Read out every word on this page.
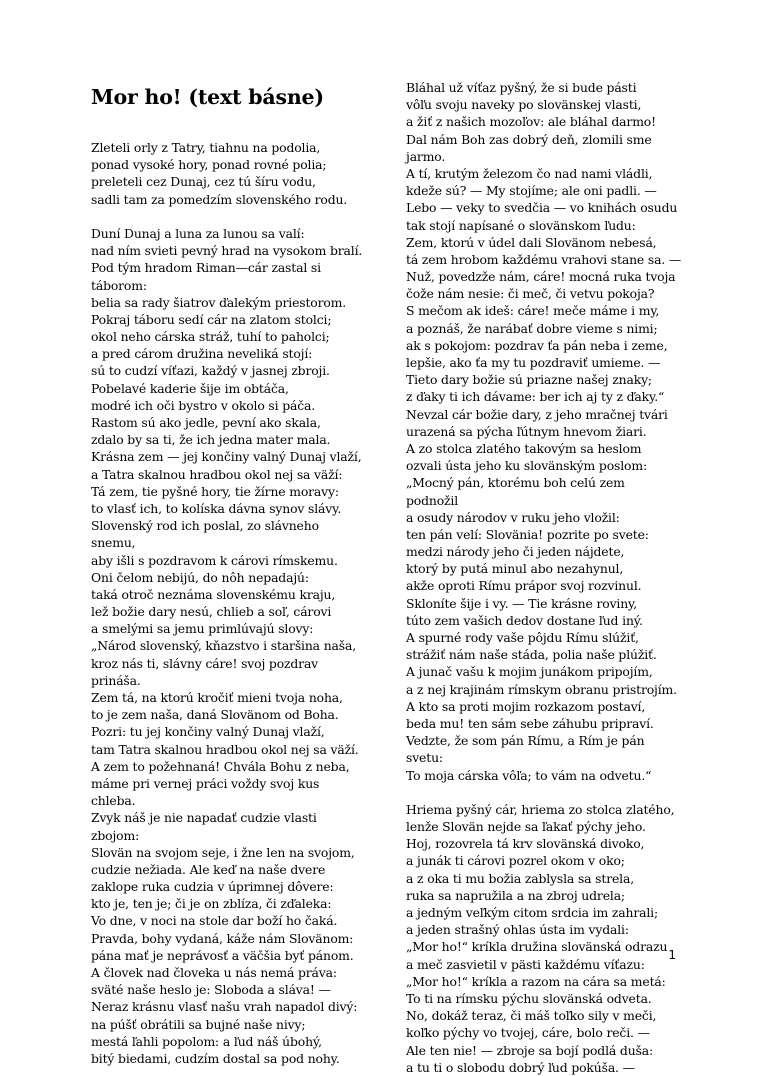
Mor ho! (text básne)
Zleteli orly z Tatry, tiahnu na podolia,
ponad vysoké hory, ponad rovné polia;
preleteli cez Dunaj, cez tú šíru vodu,
sadli tam za pomedzím slovenského rodu.
Duní Dunaj a luna za lunou sa valí:
nad ním svieti pevný hrad na vysokom bralí.
Pod tým hradom Riman—cár zastal si
táborom:
belia sa rady šiatrov ďalekým priestorom.
Pokraj táboru sedí cár na zlatom stolci;
okol neho cárska stráž, tuhí to paholci;
a pred cárom družina neveliká stojí:
sú to cudzí víťazi, každý v jasnej zbroji.
Pobelavé kaderie šije im obtáča,
modré ich oči bystro v okolo si páča.
Rastom sú ako jedle, pevní ako skala,
zdalo by sa ti, že ich jedna mater mala.
Krásna zem — jej končiny valný Dunaj vlaží,
a Tatra skalnou hradbou okol nej sa väží:
Tá zem, tie pyšné hory, tie žírne moravy:
to vlasť ich, to kolíska dávna synov slávy.
Slovenský rod ich poslal, zo slávneho
snemu,
aby išli s pozdravom k cárovi rímskemu.
Oni čelom nebijú, do nôh nepadajú:
taká otroč neznáma slovenskému kraju,
lež božie dary nesú, chlieb a soľ, cárovi
a smelými sa jemu primlúvajú slovy:
„Národ slovenský, kňazstvo i staršina naša,
kroz nás ti, slávny cáre! svoj pozdrav
prináša.
Zem tá, na ktorú kročiť mieni tvoja noha,
to je zem naša, daná Slovänom od Boha.
Pozri: tu jej končiny valný Dunaj vlaží,
tam Tatra skalnou hradbou okol nej sa väží.
A zem to požehnaná! Chvála Bohu z neba,
máme pri vernej práci voždy svoj kus
chleba.
Zvyk náš je nie napadať cudzie vlasti
zbojom:
Slovän na svojom seje, i žne len na svojom,
cudzie nežiada. Ale keď na naše dvere
zaklope ruka cudzia v úprimnej dôvere:
kto je, ten je; či je on zblíza, či zďaleka:
Vo dne, v noci na stole dar boží ho čaká.
Pravda, bohy vydaná, káže nám Slovänom:
pána mať je neprávosť a väčšia byť pánom.
A človek nad človeka u nás nemá práva:
sväté naše heslo je: Sloboda a sláva! —
Neraz krásnu vlasť našu vrah napadol divý:
na púšť obrátili sa bujné naše nivy;
mestá ľahli popolom: a ľud náš úbohý,
bitý biedami, cudzím dostal sa pod nohy.
Bláhal už víťaz pyšný, že si bude pásti
vôľu svoju naveky po slovänskej vlasti,
a žiť z našich mozoľov: ale bláhal darmo!
Dal nám Boh zas dobrý deň, zlomili sme
jarmo.
A tí, krutým železom čo nad nami vládli,
kdeže sú? — My stojíme; ale oni padli. —
Lebo — veky to svedčia — vo knihách osudu
tak stojí napísané o slovänskom ľudu:
Zem, ktorú v údel dali Slovänom nebesá,
tá zem hrobom každému vrahovi stane sa. —
Nuž, povedzže nám, cáre! mocná ruka tvoja
čože nám nesie: či meč, či vetvu pokoja?
S mečom ak ideš: cáre! meče máme i my,
a poznáš, že narábať dobre vieme s nimi;
ak s pokojom: pozdrav ťa pán neba i zeme,
lepšie, ako ťa my tu pozdraviť umieme. —
Tieto dary božie sú priazne našej znaky;
z ďaky ti ich dávame: ber ich aj ty z ďaky.“
Nevzal cár božie dary, z jeho mračnej tvári
urazená sa pýcha ľútnym hnevom žiari.
A zo stolca zlatého takovým sa heslom
ozvali ústa jeho ku slovänským poslom:
„Mocný pán, ktorému boh celú zem
podnožil
a osudy národov v ruku jeho vložil:
ten pán velí: Slovänia! pozrite po svete:
medzi národy jeho či jeden nájdete,
ktorý by putá minul abo nezahynul,
akže oproti Rímu prápor svoj rozvinul.
Skloníte šije i vy. — Tie krásne roviny,
túto zem vašich dedov dostane ľud iný.
A spurné rody vaše pôjdu Rímu slúžiť,
strážiť nám naše stáda, polia naše plúžiť.
A junač vašu k mojim junákom pripojím,
a z nej krajinám rímskym obranu pristrojím.
A kto sa proti mojim rozkazom postaví,
beda mu! ten sám sebe záhubu pripraví.
Vedzte, že som pán Rímu, a Rím je pán
svetu:
To moja cárska vôľa; to vám na odvetu.“
Hriema pyšný cár, hriema zo stolca zlatého,
lenže Slovän nejde sa ľakať pýchy jeho.
Hoj, rozovrela tá krv slovänská divoko,
a junák ti cárovi pozrel okom v oko;
a z oka ti mu božia zablysla sa strela,
ruka sa napružila a na zbroj udrela;
a jedným veľkým citom srdcia im zahrali;
a jeden strašný ohlas ústa im vydali:
„Mor ho!“ kríkla družina slovänská odrazu
a meč zasvietil v pästi každému víťazu:
„Mor ho!“ kríkla a razom na cára sa metá:
To ti na rímsku pýchu slovänská odveta.
No, dokáž teraz, či máš toľko sily v meči,
koľko pýchy vo tvojej, cáre, bolo reči. —
Ale ten nie! — zbroje sa bojí podlá duša:
a tu ti o slobodu dobrý ľud pokúša. —
1
